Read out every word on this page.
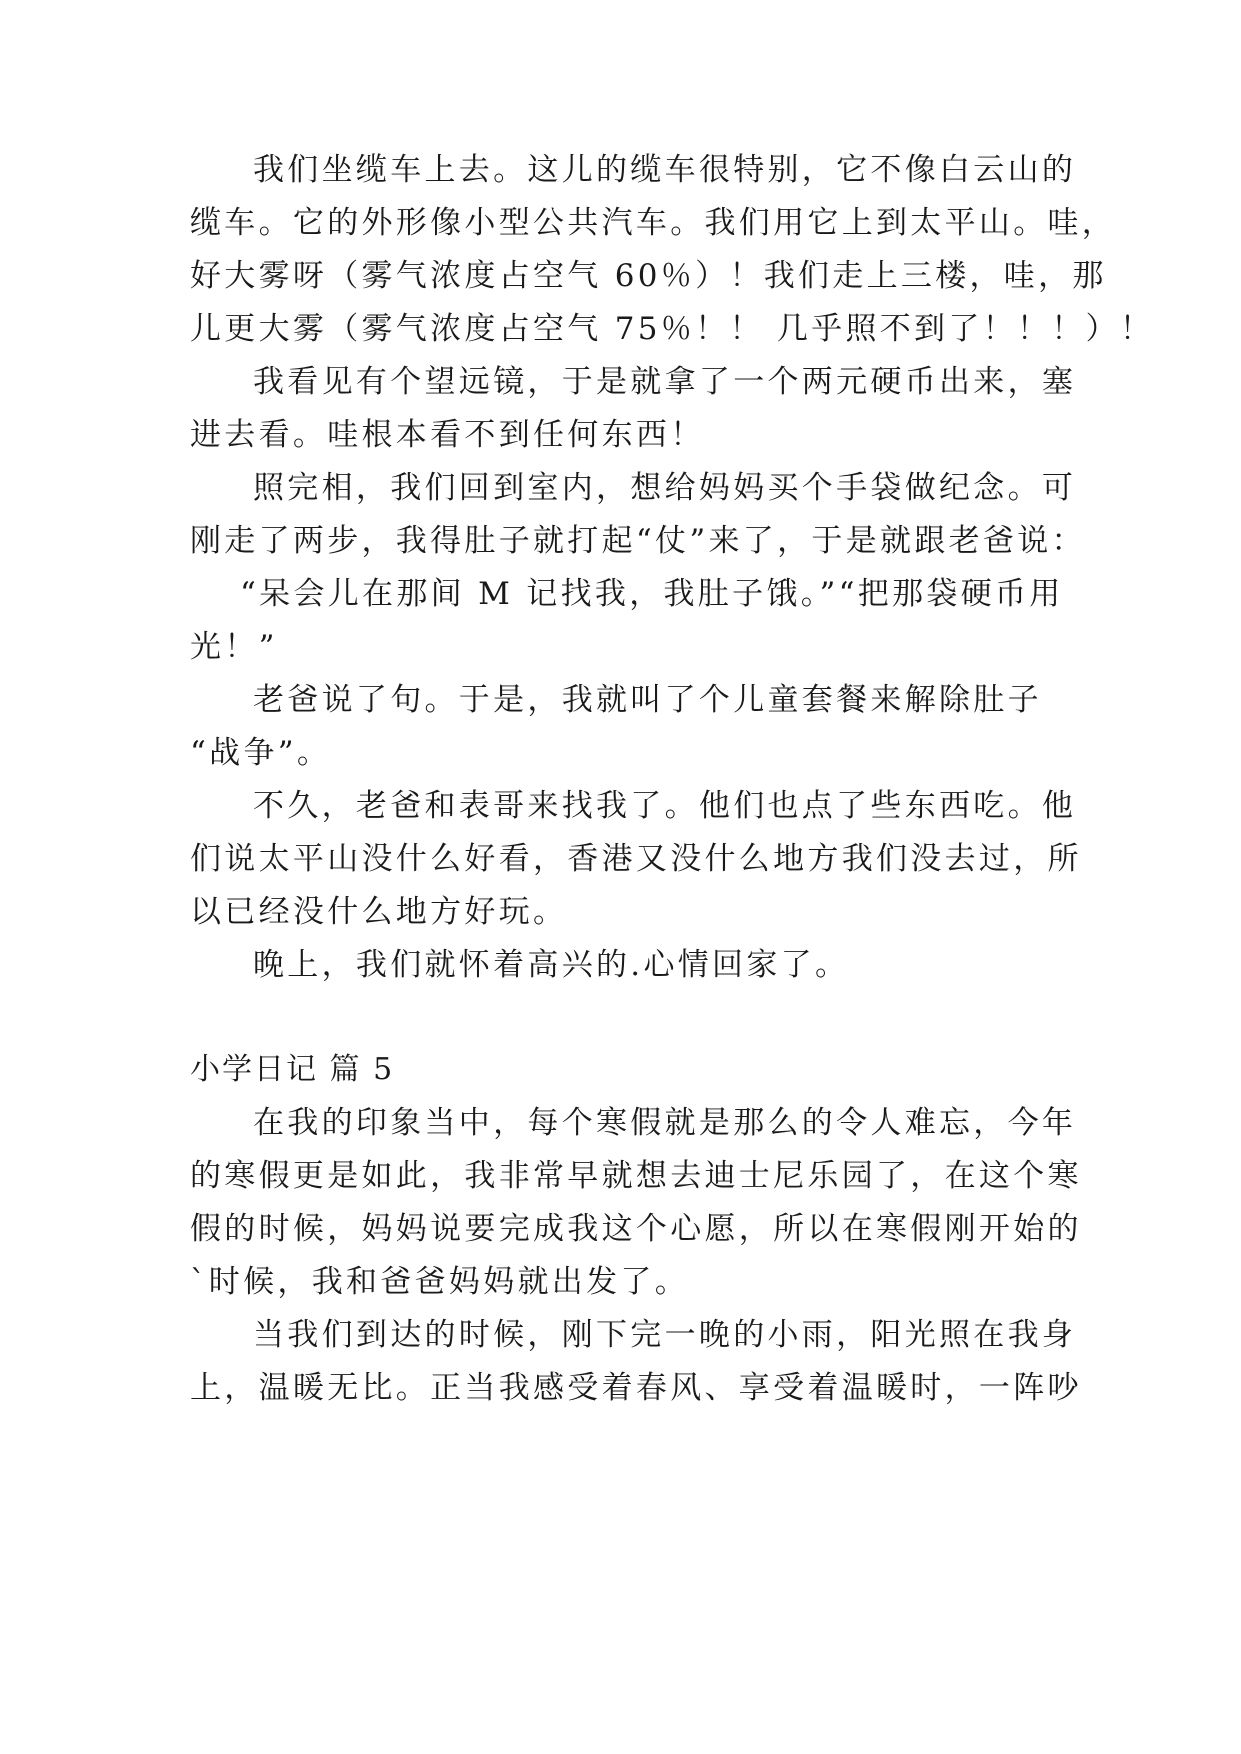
我们坐缆车上去。这儿的缆车很特别，它不像白云山的
缆车。它的外形像小型公共汽车。我们用它上到太平山。哇，
好大雾呀（雾气浓度占空气 60％）！我们走上三楼，哇，那
儿更大雾（雾气浓度占空气 75％！！ 几乎照不到了！！！）！
我看见有个望远镜，于是就拿了一个两元硬币出来，塞
进去看。哇根本看不到任何东西！
照完相，我们回到室内，想给妈妈买个手袋做纪念。可
刚走了两步，我得肚子就打起“仗”来了，于是就跟老爸说：
“呆会儿在那间 M 记找我，我肚子饿。”“把那袋硬币用
光！”
老爸说了句。于是，我就叫了个儿童套餐来解除肚子
“战争”。
不久，老爸和表哥来找我了。他们也点了些东西吃。他
们说太平山没什么好看，香港又没什么地方我们没去过，所
以已经没什么地方好玩。
晚上，我们就怀着高兴的.心情回家了。
小学日记 篇 5
在我的印象当中，每个寒假就是那么的令人难忘，今年
的寒假更是如此，我非常早就想去迪士尼乐园了，在这个寒
假的时候，妈妈说要完成我这个心愿，所以在寒假刚开始的
`时候，我和爸爸妈妈就出发了。
当我们到达的时候，刚下完一晚的小雨，阳光照在我身
上，温暖无比。正当我感受着春风、享受着温暖时，一阵吵
